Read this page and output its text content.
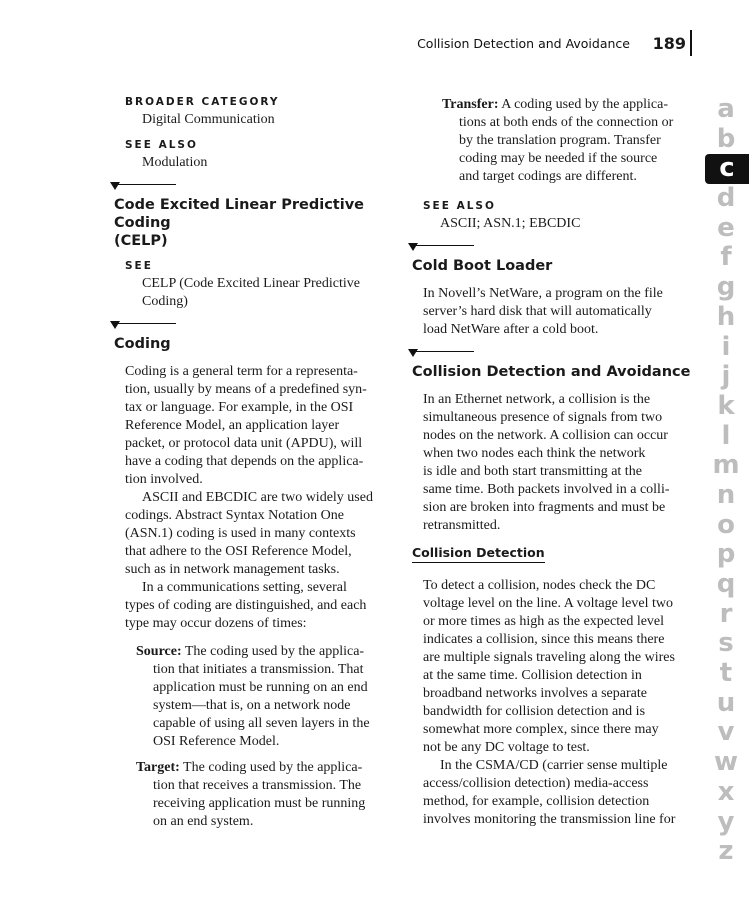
Collision Detection and Avoidance 189
BROADER CATEGORY
Digital Communication
SEE ALSO
Modulation
Code Excited Linear Predictive Coding
(CELP)
SEE
CELP (Code Excited Linear Predictive
Coding)
Coding

Coding is a general term for a representa-
tion, usually by means of a predefined syn-
tax or language. For example, in the OSI
Reference Model, an application layer
packet, or protocol data unit (APDU), will
have a coding that depends on the applica-
tion involved.

ASCII and EBCDIC are two widely used
codings. Abstract Syntax Notation One
(ASN.1) coding is used in many contexts
that adhere to the OSI Reference Model,
such as in network management tasks.

In a communications setting, several
types of coding are distinguished, and each
type may occur dozens of times:

Source: The coding used by the applica-
tion that initiates a transmission. That
application must be running on an end
system—that is, on a network node
capable of using all seven layers in the
OSI Reference Model.

Target: The coding used by the applica-
tion that receives a transmission. The
receiving application must be running
on an end system.

Transfer: A coding used by the applica-
tions at both ends of the connection or
by the translation program. Transfer
coding may be needed if the source
and target codings are different.

SEE ALSO
ASCII; ASN.1; EBCDIC
Cold Boot Loader

In Novell’s NetWare, a program on the file
server’s hard disk that will automatically
load NetWare after a cold boot.

Collision Detection and Avoidance

In an Ethernet network, a collision is the
simultaneous presence of signals from two
nodes on the network. A collision can occur
when two nodes each think the network
is idle and both start transmitting at the
same time. Both packets involved in a colli-
sion are broken into fragments and must be
retransmitted.

Collision Detection

To detect a collision, nodes check the DC
voltage level on the line. A voltage level two
or more times as high as the expected level
indicates a collision, since this means there
are multiple signals traveling along the wires
at the same time. Collision detection in
broadband networks involves a separate
bandwidth for collision detection and is
somewhat more complex, since there may
not be any DC voltage to test.

In the CSMA/CD (carrier sense multiple
access/collision detection) media-access
method, for example, collision detection
involves monitoring the transmission line for

a
b
c
d
e
f
g
h
i
j
k
l
m
n
o
p
q
r
s
t
u
v
w
x
y
z
